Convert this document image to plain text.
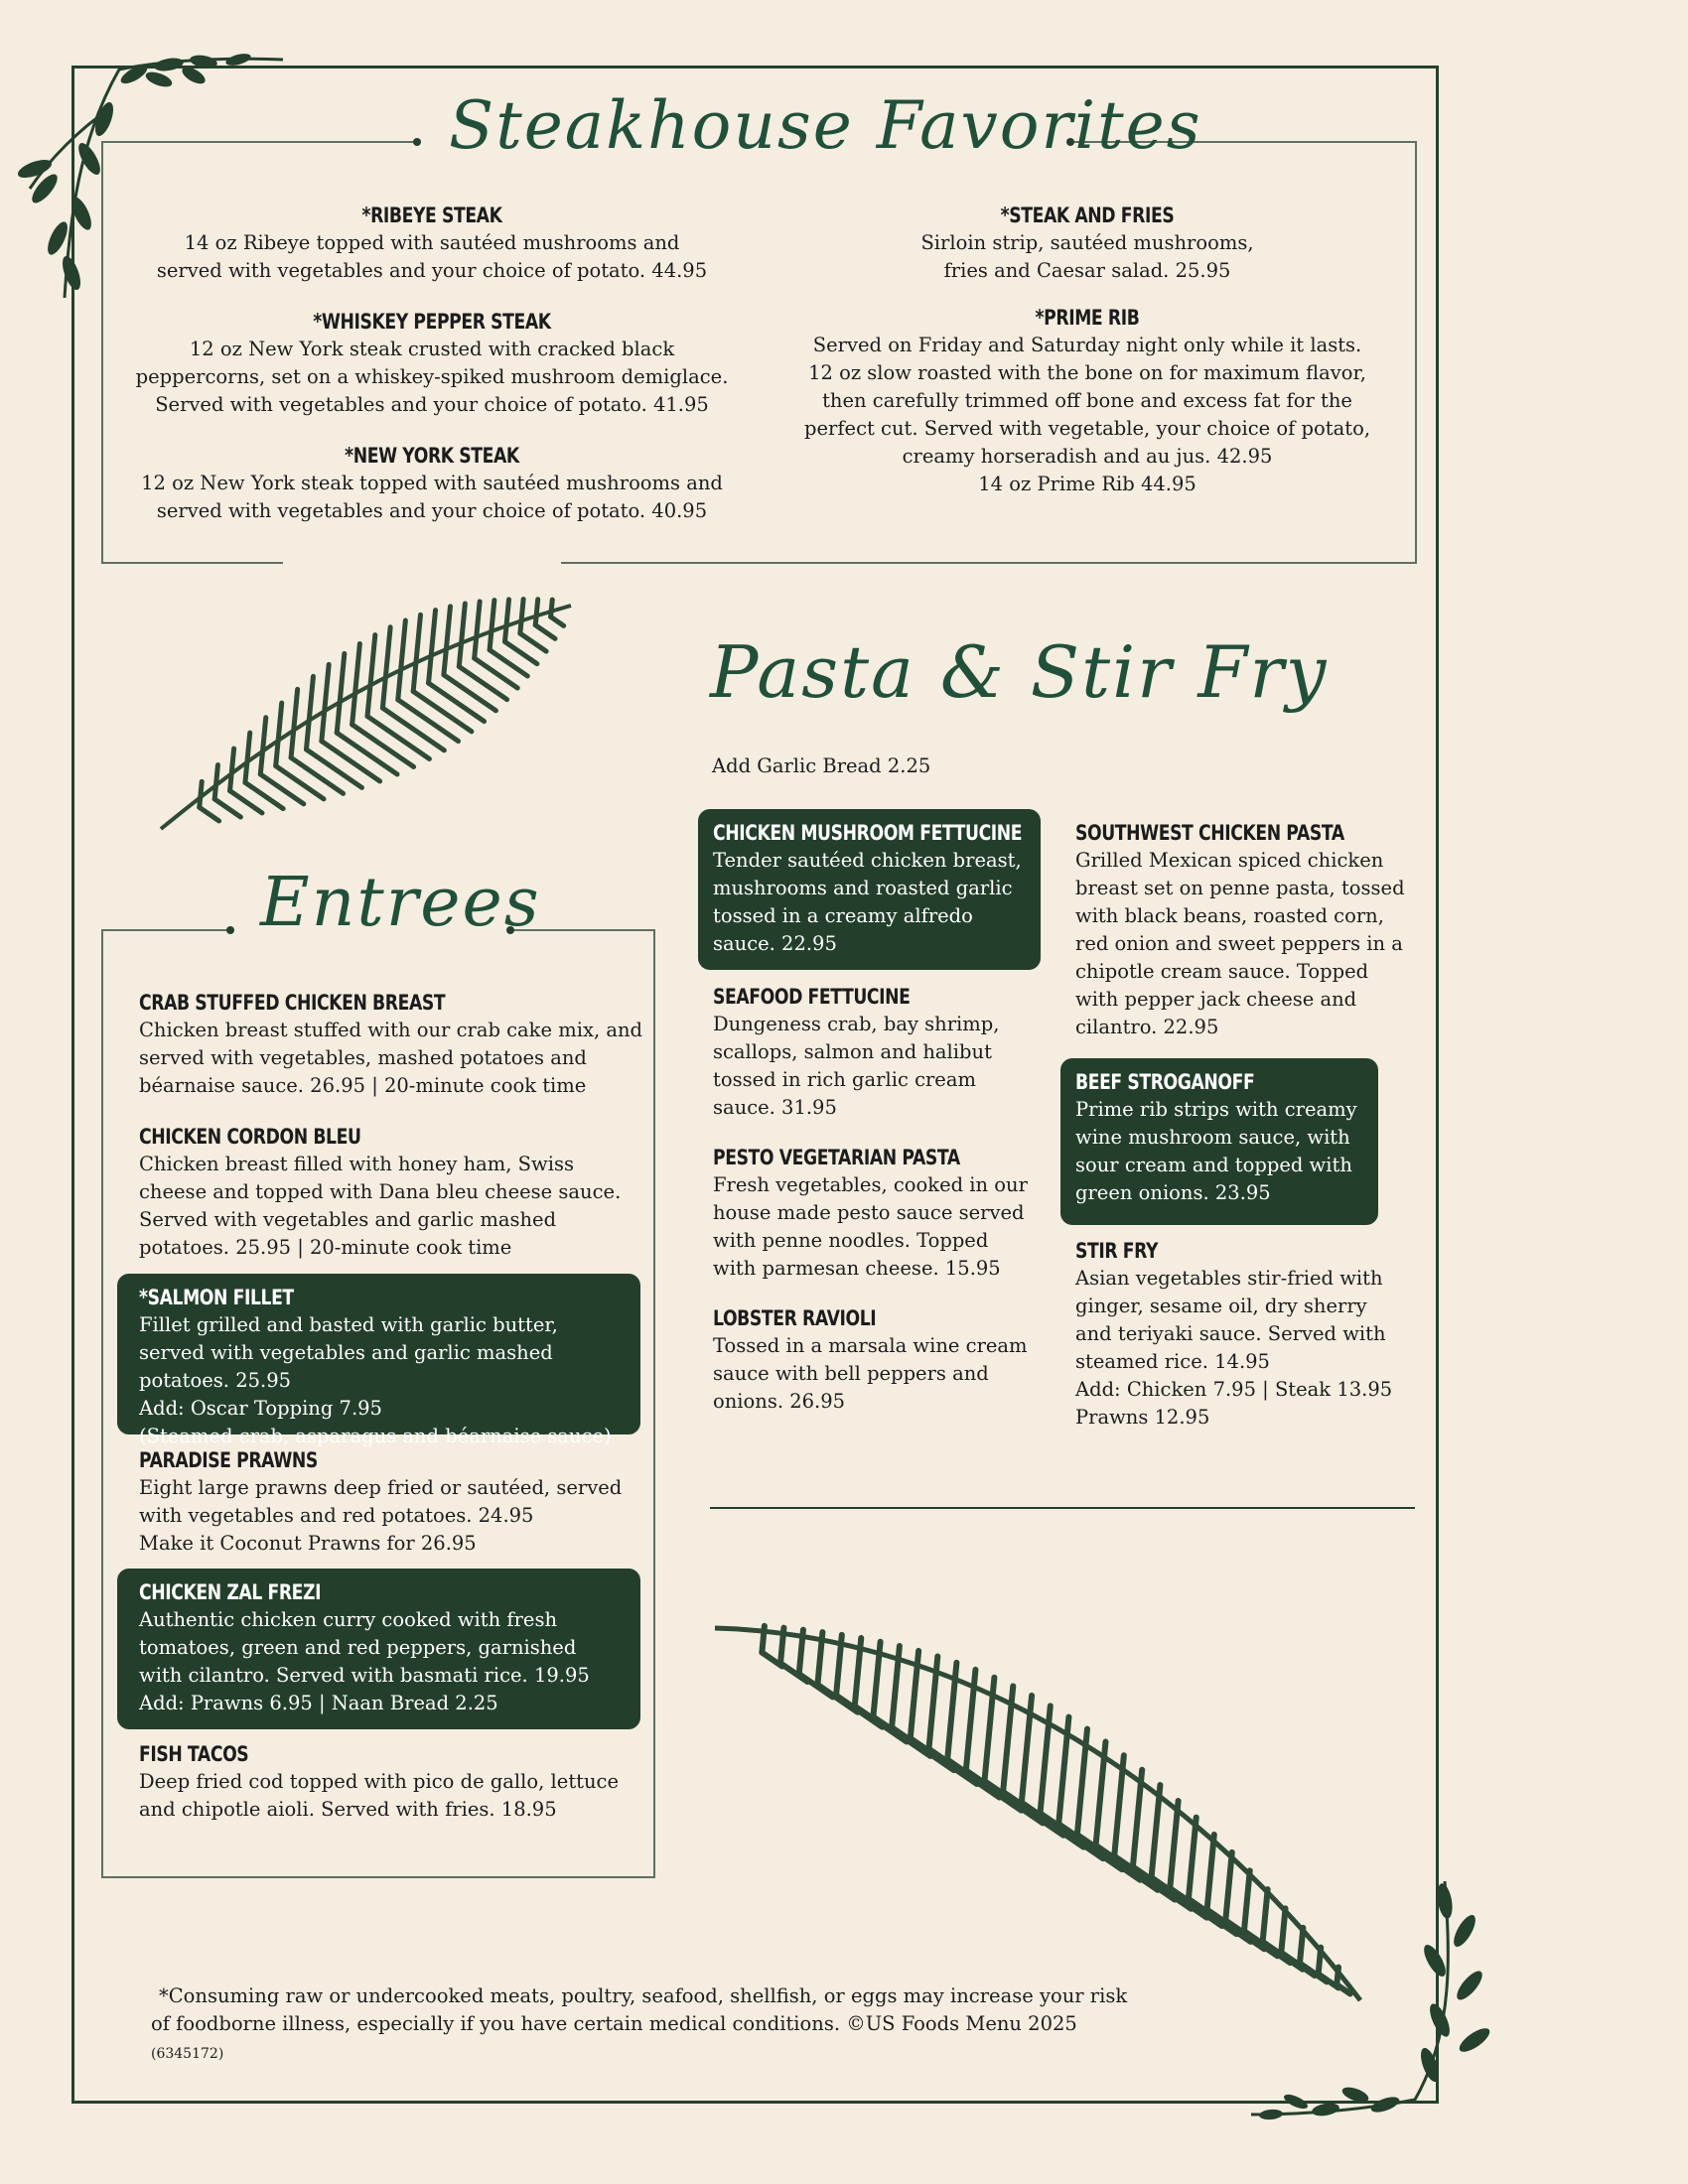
Steakhouse Favorites
*RIBEYE STEAK
14 oz Ribeye topped with sautéed mushrooms and served with vegetables and your choice of potato. 44.95
*WHISKEY PEPPER STEAK
12 oz New York steak crusted with cracked black peppercorns, set on a whiskey-spiked mushroom demiglace. Served with vegetables and your choice of potato. 41.95
*NEW YORK STEAK
12 oz New York steak topped with sautéed mushrooms and served with vegetables and your choice of potato. 40.95
*STEAK AND FRIES
Sirloin strip, sautéed mushrooms, fries and Caesar salad. 25.95
*PRIME RIB
Served on Friday and Saturday night only while it lasts. 12 oz slow roasted with the bone on for maximum flavor, then carefully trimmed off bone and excess fat for the perfect cut. Served with vegetable, your choice of potato, creamy horseradish and au jus. 42.95
14 oz Prime Rib 44.95
Pasta & Stir Fry
Add Garlic Bread 2.25
CHICKEN MUSHROOM FETTUCINE
Tender sautéed chicken breast, mushrooms and roasted garlic tossed in a creamy alfredo sauce. 22.95
SEAFOOD FETTUCINE
Dungeness crab, bay shrimp, scallops, salmon and halibut tossed in rich garlic cream sauce. 31.95
PESTO VEGETARIAN PASTA
Fresh vegetables, cooked in our house made pesto sauce served with penne noodles. Topped with parmesan cheese. 15.95
LOBSTER RAVIOLI
Tossed in a marsala wine cream sauce with bell peppers and onions. 26.95
SOUTHWEST CHICKEN PASTA
Grilled Mexican spiced chicken breast set on penne pasta, tossed with black beans, roasted corn, red onion and sweet peppers in a chipotle cream sauce. Topped with pepper jack cheese and cilantro. 22.95
BEEF STROGANOFF
Prime rib strips with creamy wine mushroom sauce, with sour cream and topped with green onions. 23.95
STIR FRY
Asian vegetables stir-fried with ginger, sesame oil, dry sherry and teriyaki sauce. Served with steamed rice. 14.95
Add: Chicken 7.95 | Steak 13.95
Prawns 12.95
Entrees
CRAB STUFFED CHICKEN BREAST
Chicken breast stuffed with our crab cake mix, and served with vegetables, mashed potatoes and béarnaise sauce. 26.95 | 20-minute cook time
CHICKEN CORDON BLEU
Chicken breast filled with honey ham, Swiss cheese and topped with Dana bleu cheese sauce. Served with vegetables and garlic mashed potatoes. 25.95 | 20-minute cook time
*SALMON FILLET
Fillet grilled and basted with garlic butter, served with vegetables and garlic mashed potatoes. 25.95
Add: Oscar Topping 7.95
(Steamed crab, asparagus and béarnaise sauce)
PARADISE PRAWNS
Eight large prawns deep fried or sautéed, served with vegetables and red potatoes. 24.95
Make it Coconut Prawns for 26.95
CHICKEN ZAL FREZI
Authentic chicken curry cooked with fresh tomatoes, green and red peppers, garnished with cilantro. Served with basmati rice. 19.95
Add: Prawns 6.95 | Naan Bread 2.25
FISH TACOS
Deep fried cod topped with pico de gallo, lettuce and chipotle aioli. Served with fries. 18.95
*Consuming raw or undercooked meats, poultry, seafood, shellfish, or eggs may increase your risk of foodborne illness, especially if you have certain medical conditions. ©US Foods Menu 2025 (6345172)
